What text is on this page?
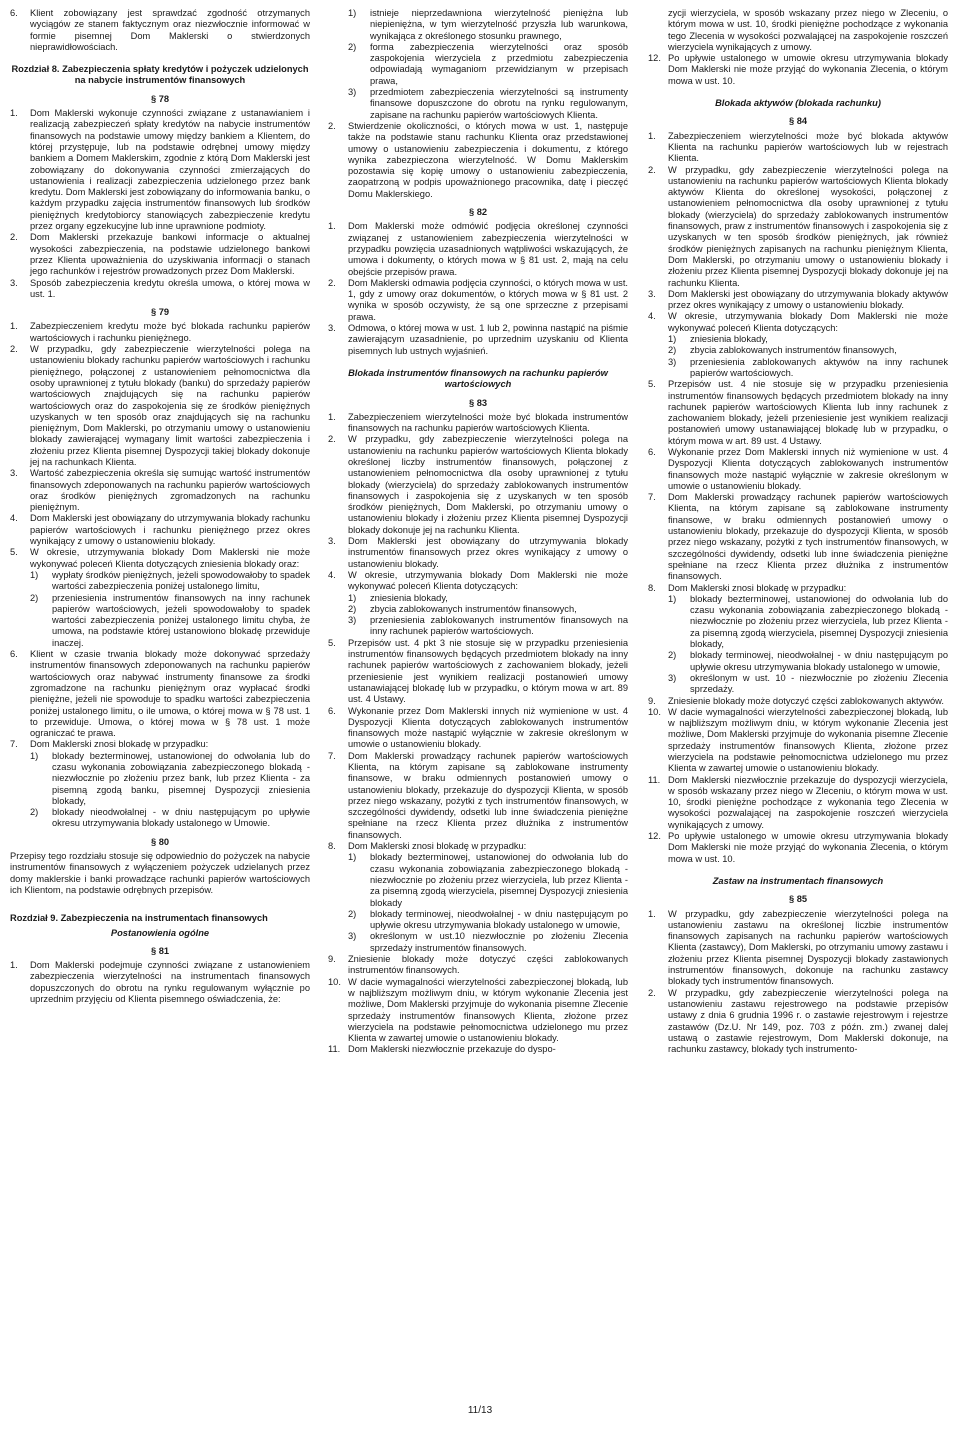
6.	Klient zobowiązany jest sprawdzać zgodność otrzymanych wyciągów ze stanem faktycznym oraz niezwłocznie informować w formie pisemnej Dom Maklerski o stwierdzonych nieprawidłowościach.

Rozdział 8. Zabezpieczenia spłaty kredytów i pożyczek udzielonych na nabycie instrumentów finansowych

§ 78

1.	Dom Maklerski wykonuje czynności związane z ustanawianiem i realizacją zabezpieczeń spłaty kredytów na nabycie instrumentów finansowych na podstawie umowy między bankiem a Klientem, do której przystępuje, lub na podstawie odrębnej umowy między bankiem a Domem Maklerskim, zgodnie z którą Dom Maklerski jest zobowiązany do dokonywania czynności zmierzających do ustanowienia i realizacji zabezpieczenia udzielonego przez bank kredytu. Dom Maklerski jest zobowiązany do informowania banku, o każdym przypadku zajęcia instrumentów finansowych lub środków pieniężnych kredytobiorcy stanowiących zabezpieczenie kredytu przez organy egzekucyjne lub inne uprawnione podmioty.
2.	Dom Maklerski przekazuje bankowi informacje o aktualnej wysokości zabezpieczenia, na podstawie udzielonego bankowi przez Klienta upoważnienia do uzyskiwania informacji o stanach jego rachunków i rejestrów prowadzonych przez Dom Maklerski.
3.	Sposób zabezpieczenia kredytu określa umowa, o której mowa w ust. 1.

§ 79

1.	Zabezpieczeniem kredytu może być blokada rachunku papierów wartościowych i rachunku pieniężnego.
2.	W przypadku, gdy zabezpieczenie wierzytelności polega na ustanowieniu blokady rachunku papierów wartościowych i rachunku pieniężnego, połączonej z ustanowieniem pełnomocnictwa dla osoby uprawnionej z tytułu blokady (banku) do sprzedaży papierów wartościowych znajdujących się na rachunku papierów wartościowych oraz do zaspokojenia się ze środków pieniężnych uzyskanych w ten sposób oraz znajdujących się na rachunku pieniężnym, Dom Maklerski, po otrzymaniu umowy o ustanowieniu blokady zawierającej wymagany limit wartości zabezpieczenia i złożeniu przez Klienta pisemnej Dyspozycji takiej blokady dokonuje jej na rachunkach Klienta.
3.	Wartość zabezpieczenia określa się sumując wartość instrumentów finansowych zdeponowanych na rachunku papierów wartościowych oraz środków pieniężnych zgromadzonych na rachunku pieniężnym.
4.	Dom Maklerski jest obowiązany do utrzymywania blokady rachunku papierów wartościowych i rachunku pieniężnego przez okres wynikający z umowy o ustanowieniu blokady.
5.	W okresie, utrzymywania blokady Dom Maklerski nie może wykonywać poleceń Klienta dotyczących zniesienia blokady oraz:
1)	wypłaty środków pieniężnych, jeżeli spowodowałoby to spadek wartości zabezpieczenia poniżej ustalonego limitu,
2)	przeniesienia instrumentów finansowych na inny rachunek papierów wartościowych, jeżeli spowodowałoby to spadek wartości zabezpieczenia poniżej ustalonego limitu chyba, że umowa, na podstawie której ustanowiono blokadę przewiduje inaczej.
6.	Klient w czasie trwania blokady może dokonywać sprzedaży instrumentów finansowych zdeponowanych na rachunku papierów wartościowych oraz nabywać instrumenty finansowe za środki zgromadzone na rachunku pieniężnym oraz wypłacać środki pieniężne, jeżeli nie spowoduje to spadku wartości zabezpieczenia poniżej ustalonego limitu, o ile umowa, o której mowa w § 78 ust. 1 to przewiduje. Umowa, o której mowa w § 78 ust. 1 może ograniczać te prawa.
7.	Dom Maklerski znosi blokadę w przypadku:
1)	blokady bezterminowej, ustanowionej do odwołania lub do czasu wykonania zobowiązania zabezpieczonego blokadą - niezwłocznie po złożeniu przez bank, lub przez Klienta - za pisemną zgodą banku, pisemnej Dyspozycji zniesienia blokady,
2)	blokady nieodwołalnej - w dniu następującym po upływie okresu utrzymywania blokady ustalonego w Umowie.

§ 80

Przepisy tego rozdziału stosuje się odpowiednio do pożyczek na nabycie instrumentów finansowych z wyłączeniem pożyczek udzielanych przez domy maklerskie i banki prowadzące rachunki papierów wartościowych ich Klientom, na podstawie odrębnych przepisów.

Rozdział 9. Zabezpieczenia na instrumentach finansowych

Postanowienia ogólne

§ 81

1.	Dom Maklerski podejmuje czynności związane z ustanowieniem zabezpieczenia wierzytelności na instrumentach finansowych dopuszczonych do obrotu na rynku regulowanym wyłącznie po uprzednim przyjęciu od Klienta pisemnego oświadczenia, że:
1)	istnieje nieprzedawniona wierzytelność pieniężna lub niepieniężna, w tym wierzytelność przyszła lub warunkowa, wynikająca z określonego stosunku prawnego,
2)	forma zabezpieczenia wierzytelności oraz sposób zaspokojenia wierzyciela z przedmiotu zabezpieczenia odpowiadają wymaganiom przewidzianym w przepisach prawa,
3)	przedmiotem zabezpieczenia wierzytelności są instrumenty finansowe dopuszczone do obrotu na rynku regulowanym, zapisane na rachunku papierów wartościowych Klienta.
2.	Stwierdzenie okoliczności, o których mowa w ust. 1, następuje także na podstawie stanu rachunku Klienta oraz przedstawionej umowy o ustanowieniu zabezpieczenia i dokumentu, z którego wynika zabezpieczona wierzytelność. W Domu Maklerskim pozostawia się kopię umowy o ustanowieniu zabezpieczenia, zaopatrzoną w podpis upoważnionego pracownika, datę i pieczęć Domu Maklerskiego.

§ 82

1.	Dom Maklerski może odmówić podjęcia określonej czynności związanej z ustanowieniem zabezpieczenia wierzytelności w przypadku powzięcia uzasadnionych wątpliwości wskazujących, że umowa i dokumenty, o których mowa w § 81 ust. 2, mają na celu obejście przepisów prawa.
2.	Dom Maklerski odmawia podjęcia czynności, o których mowa w ust. 1, gdy z umowy oraz dokumentów, o których mowa w § 81 ust. 2 wynika w sposób oczywisty, że są one sprzeczne z przepisami prawa.
3.	Odmowa, o której mowa w ust. 1 lub 2, powinna nastąpić na piśmie zawierającym uzasadnienie, po uprzednim uzyskaniu od Klienta pisemnych lub ustnych wyjaśnień.

Blokada instrumentów finansowych na rachunku papierów wartościowych

§ 83

1.	Zabezpieczeniem wierzytelności może być blokada instrumentów finansowych na rachunku papierów wartościowych Klienta.
2.	W przypadku, gdy zabezpieczenie wierzytelności polega na ustanowieniu na rachunku papierów wartościowych Klienta blokady określonej liczby instrumentów finansowych, połączonej z ustanowieniem pełnomocnictwa dla osoby uprawnionej z tytułu blokady (wierzyciela) do sprzedaży zablokowanych instrumentów finansowych i zaspokojenia się z uzyskanych w ten sposób środków pieniężnych, Dom Maklerski, po otrzymaniu umowy o ustanowieniu blokady i złożeniu przez Klienta pisemnej Dyspozycji blokady dokonuje jej na rachunku Klienta.
3.	Dom Maklerski jest obowiązany do utrzymywania blokady instrumentów finansowych przez okres wynikający z umowy o ustanowieniu blokady.
4.	W okresie, utrzymywania blokady Dom Maklerski nie może wykonywać poleceń Klienta dotyczących:
1)	zniesienia blokady,
2)	zbycia zablokowanych instrumentów finansowych,
3)	przeniesienia zablokowanych instrumentów finansowych na inny rachunek papierów wartościowych.
5.	Przepisów ust. 4 pkt 3 nie stosuje się w przypadku przeniesienia instrumentów finansowych będących przedmiotem blokady na inny rachunek papierów wartościowych z zachowaniem blokady, jeżeli przeniesienie jest wynikiem realizacji postanowień umowy ustanawiającej blokadę lub w przypadku, o którym mowa w art. 89 ust. 4 Ustawy.
6.	Wykonanie przez Dom Maklerski innych niż wymienione w ust. 4 Dyspozycji Klienta dotyczących zablokowanych instrumentów finansowych może nastąpić wyłącznie w zakresie określonym w umowie o ustanowieniu blokady.
7.	Dom Maklerski prowadzący rachunek papierów wartościowych Klienta, na którym zapisane są zablokowane instrumenty finansowe, w braku odmiennych postanowień umowy o ustanowieniu blokady, przekazuje do dyspozycji Klienta, w sposób przez niego wskazany, pożytki z tych instrumentów finansowych, w szczególności dywidendy, odsetki lub inne świadczenia pieniężne spełniane na rzecz Klienta przez dłużnika z instrumentów finansowych.
8.	Dom Maklerski znosi blokadę w przypadku:
1)	blokady bezterminowej, ustanowionej do odwołania lub do czasu wykonania zobowiązania zabezpieczonego blokadą - niezwłocznie po złożeniu przez wierzyciela, lub przez Klienta - za pisemną zgodą wierzyciela, pisemnej Dyspozycji zniesienia blokady
2)	blokady terminowej, nieodwołalnej - w dniu następującym po upływie okresu utrzymywania blokady ustalonego w umowie,
3)	określonym w ust.10 niezwłocznie po złożeniu Zlecenia sprzedaży instrumentów finansowych.
9.	Zniesienie blokady może dotyczyć części zablokowanych instrumentów finansowych.
10. W dacie wymagalności wierzytelności zabezpieczonej blokadą, lub w najbliższym możliwym dniu, w którym wykonanie Zlecenia jest możliwe, Dom Maklerski przyjmuje do wykonania pisemne Zlecenie sprzedaży instrumentów finansowych Klienta, złożone przez wierzyciela na podstawie pełnomocnictwa udzielonego mu przez Klienta w zawartej umowie o ustanowieniu blokady.
11. Dom Maklerski niezwłocznie przekazuje do dyspo-

zycji wierzyciela, w sposób wskazany przez niego w Zleceniu, o którym mowa w ust. 10, środki pieniężne pochodzące z wykonania tego Zlecenia w wysokości pozwalającej na zaspokojenie roszczeń wierzyciela wynikających z umowy.

12. Po upływie ustalonego w umowie okresu utrzymywania blokady Dom Maklerski nie może przyjąć do wykonania Zlecenia, o którym mowa w ust. 10.

Blokada aktywów (blokada rachunku)

§ 84

1.	Zabezpieczeniem wierzytelności może być blokada aktywów Klienta na rachunku papierów wartościowych lub w rejestrach Klienta.
2.	W przypadku, gdy zabezpieczenie wierzytelności polega na ustanowieniu na rachunku papierów wartościowych Klienta blokady aktywów Klienta do określonej wysokości, połączonej z ustanowieniem pełnomocnictwa dla osoby uprawnionej z tytułu blokady (wierzyciela) do sprzedaży zablokowanych instrumentów finansowych, praw z instrumentów finansowych i zaspokojenia się z uzyskanych w ten sposób środków pieniężnych, jak również środków pieniężnych zapisanych na rachunku pieniężnym Klienta, Dom Maklerski, po otrzymaniu umowy o ustanowieniu blokady i złożeniu przez Klienta pisemnej Dyspozycji blokady dokonuje jej na rachunku Klienta.
3.	Dom Maklerski jest obowiązany do utrzymywania blokady aktywów przez okres wynikający z umowy o ustanowieniu blokady.
4.	W okresie, utrzymywania blokady Dom Maklerski nie może wykonywać poleceń Klienta dotyczących:
1)	zniesienia blokady,
2)	zbycia zablokowanych instrumentów finansowych,
3)	przeniesienia zablokowanych aktywów na inny rachunek papierów wartościowych.
5.	Przepisów ust. 4 nie stosuje się w przypadku przeniesienia instrumentów finansowych będących przedmiotem blokady na inny rachunek papierów wartościowych Klienta lub inny rachunek z zachowaniem blokady, jeżeli przeniesienie jest wynikiem realizacji postanowień umowy ustanawiającej blokadę lub w przypadku, o którym mowa w art. 89 ust. 4 Ustawy.
6.	Wykonanie przez Dom Maklerski innych niż wymienione w ust. 4 Dyspozycji Klienta dotyczących zablokowanych instrumentów finansowych może nastąpić wyłącznie w zakresie określonym w umowie o ustanowieniu blokady.
7.	Dom Maklerski prowadzący rachunek papierów wartościowych Klienta, na którym zapisane są zablokowane instrumenty finansowe, w braku odmiennych postanowień umowy o ustanowieniu blokady, przekazuje do dyspozycji Klienta, w sposób przez niego wskazany, pożytki z tych instrumentów finansowych, w szczególności dywidendy, odsetki lub inne świadczenia pieniężne spełniane na rzecz Klienta przez dłużnika z instrumentów finansowych.
8.	Dom Maklerski znosi blokadę w przypadku:
1)	blokady bezterminowej, ustanowionej do odwołania lub do czasu wykonania zobowiązania zabezpieczonego blokadą - niezwłocznie po złożeniu przez wierzyciela, lub przez Klienta - za pisemną zgodą wierzyciela, pisemnej Dyspozycji zniesienia blokady,
2)	blokady terminowej, nieodwołalnej - w dniu następującym po upływie okresu utrzymywania blokady ustalonego w umowie,
3)	określonym w ust. 10 - niezwłocznie po złożeniu Zlecenia sprzedaży.
9.	Zniesienie blokady może dotyczyć części zablokowanych aktywów.
10. W dacie wymagalności wierzytelności zabezpieczonej blokadą, lub w najbliższym możliwym dniu, w którym wykonanie Zlecenia jest możliwe, Dom Maklerski przyjmuje do wykonania pisemne Zlecenie sprzedaży instrumentów finansowych Klienta, złożone przez wierzyciela na podstawie pełnomocnictwa udzielonego mu przez Klienta w zawartej umowie o ustanowieniu blokady.
11. Dom Maklerski niezwłocznie przekazuje do dyspozycji wierzyciela, w sposób wskazany przez niego w Zleceniu, o którym mowa w ust. 10, środki pieniężne pochodzące z wykonania tego Zlecenia w wysokości pozwalającej na zaspokojenie roszczeń wierzyciela wynikających z umowy.
12. Po upływie ustalonego w umowie okresu utrzymywania blokady Dom Maklerski nie może przyjąć do wykonania Zlecenia, o którym mowa w ust. 10.

Zastaw na instrumentach finansowych

§ 85

1.	W przypadku, gdy zabezpieczenie wierzytelności polega na ustanowieniu zastawu na określonej liczbie instrumentów finansowych zapisanych na rachunku papierów wartościowych Klienta (zastawcy), Dom Maklerski, po otrzymaniu umowy zastawu i złożeniu przez Klienta pisemnej Dyspozycji blokady zastawionych instrumentów finansowych, dokonuje na rachunku zastawcy blokady tych instrumentów finansowych.
2.	W przypadku, gdy zabezpieczenie wierzytelności polega na ustanowieniu zastawu rejestrowego na podstawie przepisów ustawy z dnia 6 grudnia 1996 r. o zastawie rejestrowym i rejestrze zastawów (Dz.U. Nr 149, poz. 703 z późn. zm.) zwanej dalej ustawą o zastawie rejestrowym, Dom Maklerski dokonuje, na rachunku zastawcy, blokady tych instrumento-
11/13
